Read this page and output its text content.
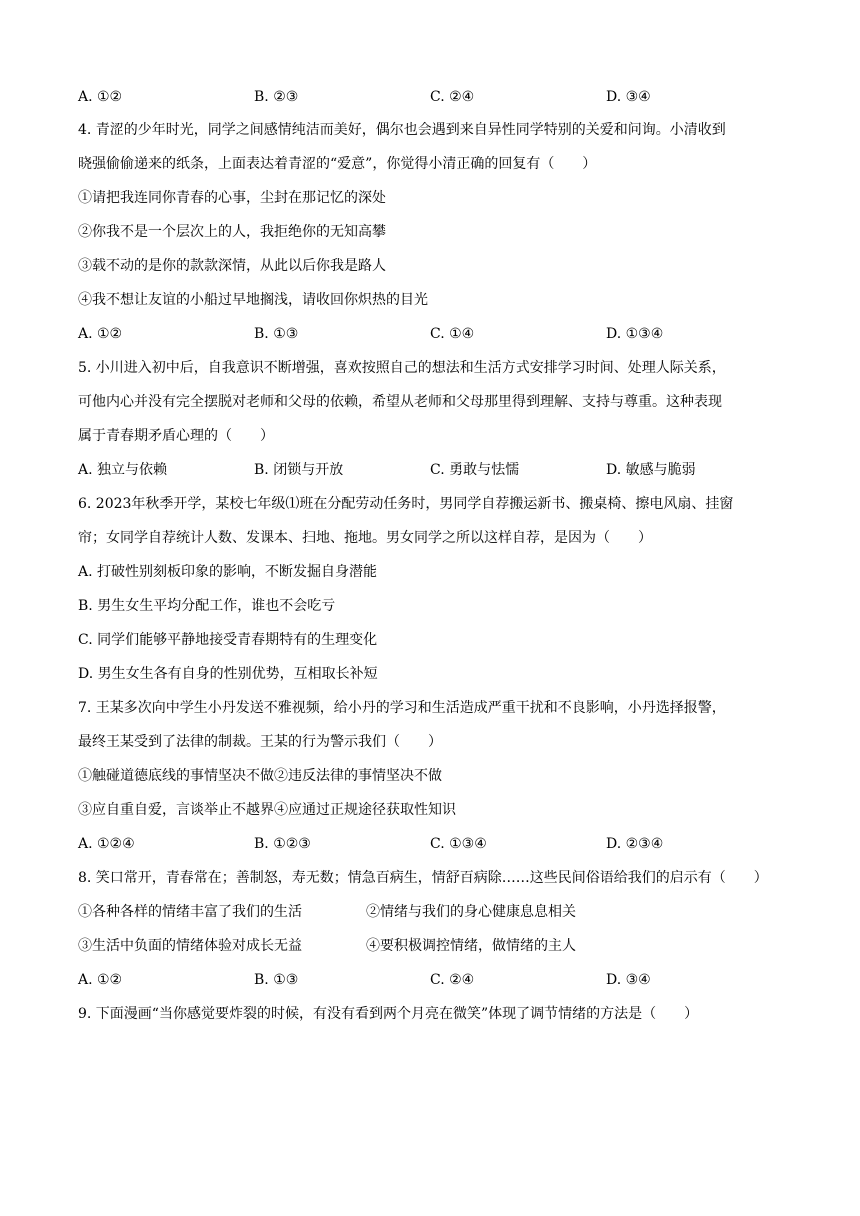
A. ①②	B. ②③	C. ②④	D. ③④
4. 青涩的少年时光，同学之间感情纯洁而美好，偶尔也会遇到来自异性同学特别的关爱和问询。小清收到
晓强偷偷递来的纸条，上面表达着青涩的“爱意”，你觉得小清正确的回复有（　　）
①请把我连同你青春的心事，尘封在那记忆的深处
②你我不是一个层次上的人，我拒绝你的无知高攀
③载不动的是你的款款深情，从此以后你我是路人
④我不想让友谊的小船过早地搁浅，请收回你炽热的目光
A. ①②	B. ①③	C. ①④	D. ①③④
5. 小川进入初中后，自我意识不断增强，喜欢按照自己的想法和生活方式安排学习时间、处理人际关系，
可他内心并没有完全摆脱对老师和父母的依赖，希望从老师和父母那里得到理解、支持与尊重。这种表现
属于青春期矛盾心理的（　　）
A. 独立与依赖	B. 闭锁与开放	C. 勇敢与怯懦	D. 敏感与脆弱
6. 2023年秋季开学，某校七年级⑴班在分配劳动任务时，男同学自荐搬运新书、搬桌椅、擦电风扇、挂窗
帘；女同学自荐统计人数、发课本、扫地、拖地。男女同学之所以这样自荐，是因为（　　）
A. 打破性别刻板印象的影响，不断发掘自身潜能
B. 男生女生平均分配工作，谁也不会吃亏
C. 同学们能够平静地接受青春期特有的生理变化
D. 男生女生各有自身的性别优势，互相取长补短
7. 王某多次向中学生小丹发送不雅视频，给小丹的学习和生活造成严重干扰和不良影响，小丹选择报警，
最终王某受到了法律的制裁。王某的行为警示我们（　　）
①触碰道德底线的事情坚决不做②违反法律的事情坚决不做
③应自重自爱，言谈举止不越界④应通过正规途径获取性知识
A. ①②④	B. ①②③	C. ①③④	D. ②③④
8. 笑口常开，青春常在；善制怒，寿无数；情急百病生，情舒百病除……这些民间俗语给我们的启示有（　　）
①各种各样的情绪丰富了我们的生活	②情绪与我们的身心健康息息相关
③生活中负面的情绪体验对成长无益	④要积极调控情绪，做情绪的主人
A. ①②	B. ①③	C. ②④	D. ③④
9. 下面漫画“当你感觉要炸裂的时候，有没有看到两个月亮在微笑”体现了调节情绪的方法是（　　）
